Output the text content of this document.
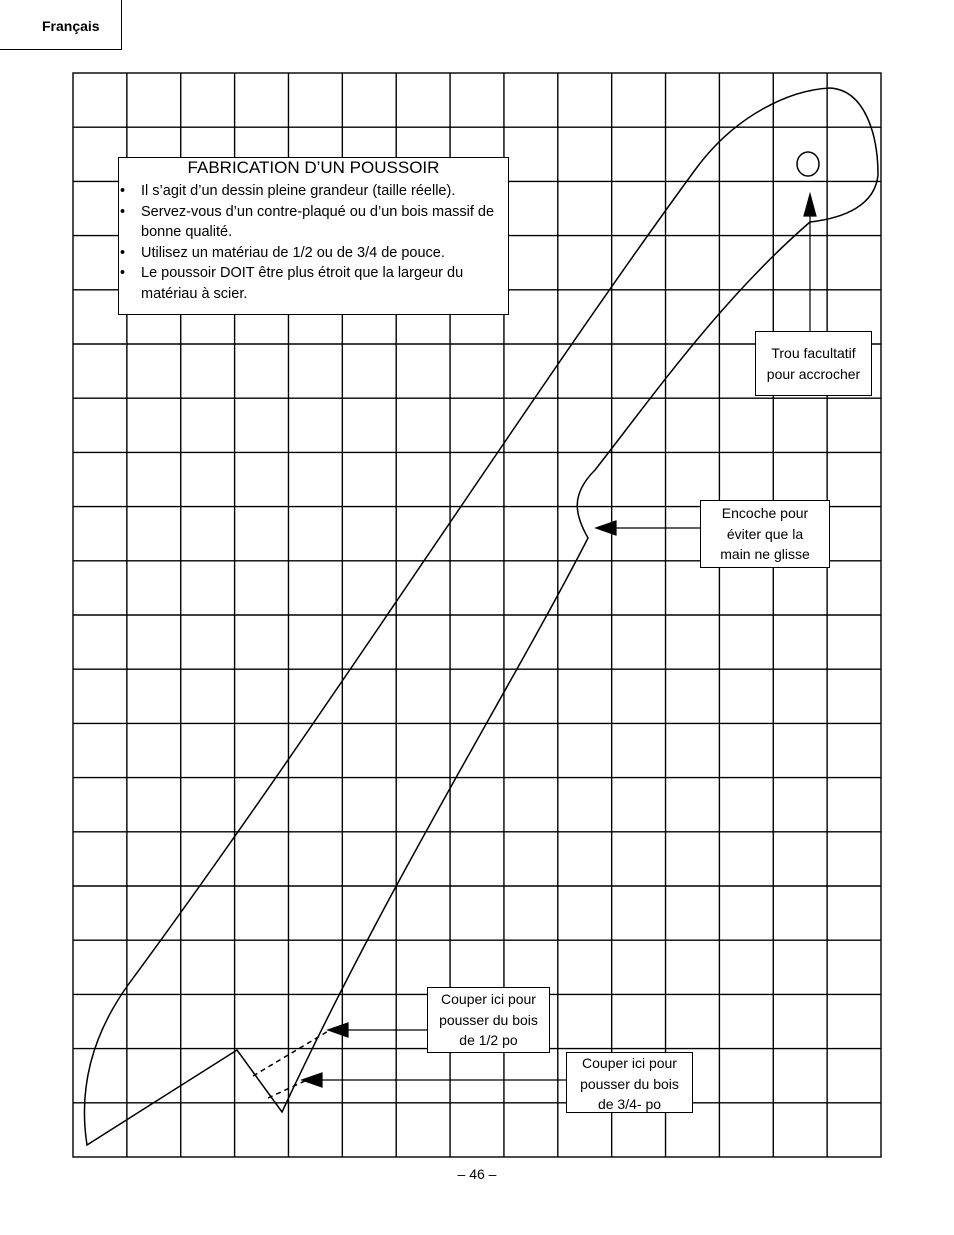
Français
FABRICATION D’UN POUSSOIR
• Il s’agit d’un dessin pleine grandeur (taille réelle).
• Servez-vous d’un contre-plaqué ou d’un bois massif de bonne qualité.
• Utilisez un matériau de 1/2 ou de 3/4 de pouce.
• Le poussoir DOIT être plus étroit que la largeur du matériau à scier.
Trou facultatif
pour accrocher
Encoche pour
éviter que la
main ne glisse
Couper ici pour
pousser du bois
de 1/2 po
Couper ici pour
pousser du bois
de 3/4- po
– 46 –
